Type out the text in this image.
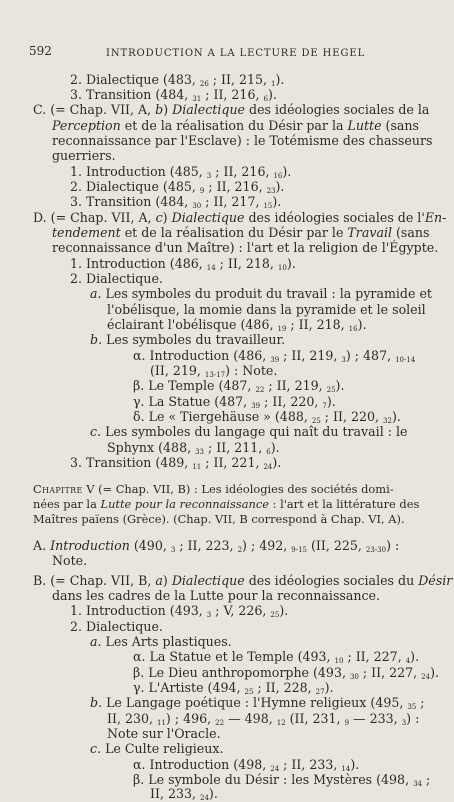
592	INTRODUCTION A LA LECTURE DE HEGEL
2. Dialectique (483, $_{26}$ ; II, 215, $_1$).
3. Transition (484, $_{31}$ ; II, 216, $_6$).
C. (= Chap. VII, A, b) Dialectique des idéologies sociales de la
Perception et de la réalisation du Désir par la Lutte (sans
reconnaissance par l'Esclave) : le Totémisme des chasseurs
guerriers.
1. Introduction (485, $_3$ ; II, 216, $_{16}$).
2. Dialectique (485, $_9$ ; II, 216, $_{23}$).
3. Transition (484, $_{30}$ ; II, 217, $_{15}$).
D. (= Chap. VII, A, c) Dialectique des idéologies sociales de l'En-
tendement et de la réalisation du Désir par le Travail (sans
reconnaissance d'un Maître) : l'art et la religion de l'Égypte.
1. Introduction (486, $_{14}$ ; II, 218, $_{10}$).
2. Dialectique.
a. Les symboles du produit du travail : la pyramide et
l'obélisque, la momie dans la pyramide et le soleil
éclairant l'obélisque (486, $_{19}$ ; II, 218, $_{16}$).
b. Les symboles du travailleur.
α. Introduction (486, $_{39}$ ; II, 219, $_3$) ; 487, $_{10-14}$
(II, 219, $_{13-17}$) : Note.
β. Le Temple (487, $_{22}$ ; II, 219, $_{25}$).
γ. La Statue (487, $_{39}$ ; II, 220, $_7$).
δ. Le « Tiergehäuse » (488, $_{25}$ ; II, 220, $_{32}$).
c. Les symboles du langage qui naît du travail : le
Sphynx (488, $_{33}$ ; II, 211, $_6$).
3. Transition (489, $_{11}$ ; II, 221, $_{24}$).
Chapitre V (= Chap. VII, B) : Les idéologies des sociétés domi-
nées par la Lutte pour la reconnaissance : l'art et la littérature des
Maîtres païens (Grèce). (Chap. VII, B correspond à Chap. VI, A).
A. Introduction (490, $_3$ ; II, 223, $_2$) ; 492, $_{9-15}$ (II, 225, $_{23-30}$) :
Note.
B. (= Chap. VII, B, a) Dialectique des idéologies sociales du Désir
dans les cadres de la Lutte pour la reconnaissance.
1. Introduction (493, $_3$ ; V, 226, $_{25}$).
2. Dialectique.
a. Les Arts plastiques.
α. La Statue et le Temple (493, $_{10}$ ; II, 227, $_4$).
β. Le Dieu anthropomorphe (493, $_{30}$ ; II, 227, $_{24}$).
γ. L'Artiste (494, $_{25}$ ; II, 228, $_{27}$).
b. Le Langage poétique : l'Hymne religieux (495, $_{35}$ ;
II, 230, $_{11}$) ; 496, $_{22}$ — 498, $_{12}$ (II, 231, $_9$ — 233, $_3$) :
Note sur l'Oracle.
c. Le Culte religieux.
α. Introduction (498, $_{24}$ ; II, 233, $_{14}$).
β. Le symbole du Désir : les Mystères (498, $_{34}$ ;
II, 233, $_{24}$).
